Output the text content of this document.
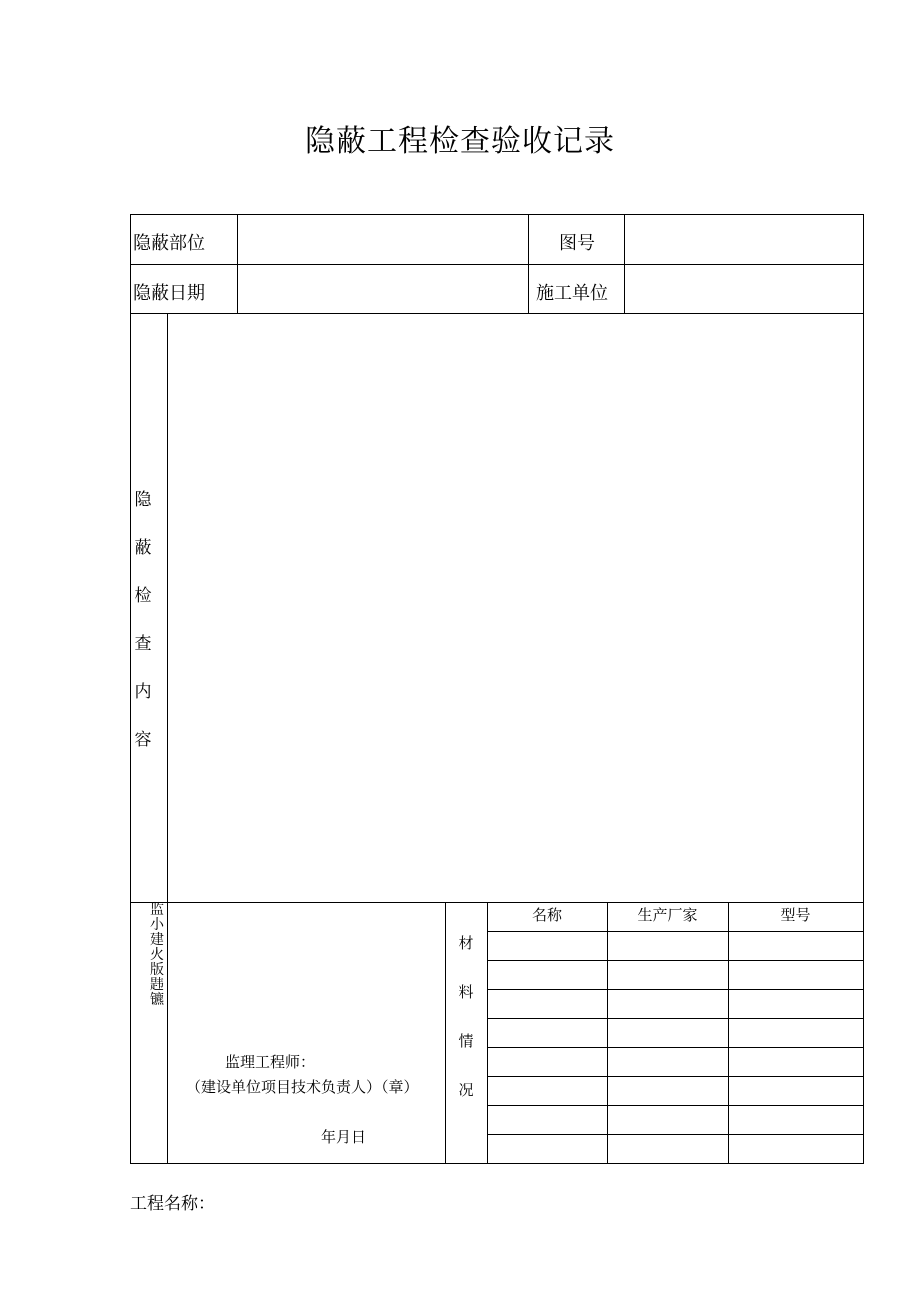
隐蔽工程检查验收记录
隐蔽部位	图号
隐蔽日期	施工单位
隐
蔽
检
查
内
容
监
小
建
火
版
韪
镳
监理工程师：
（建设单位项目技术负责人）（章）
年月日
材
料
情
况
名称	生产厂家	型号
工程名称：
